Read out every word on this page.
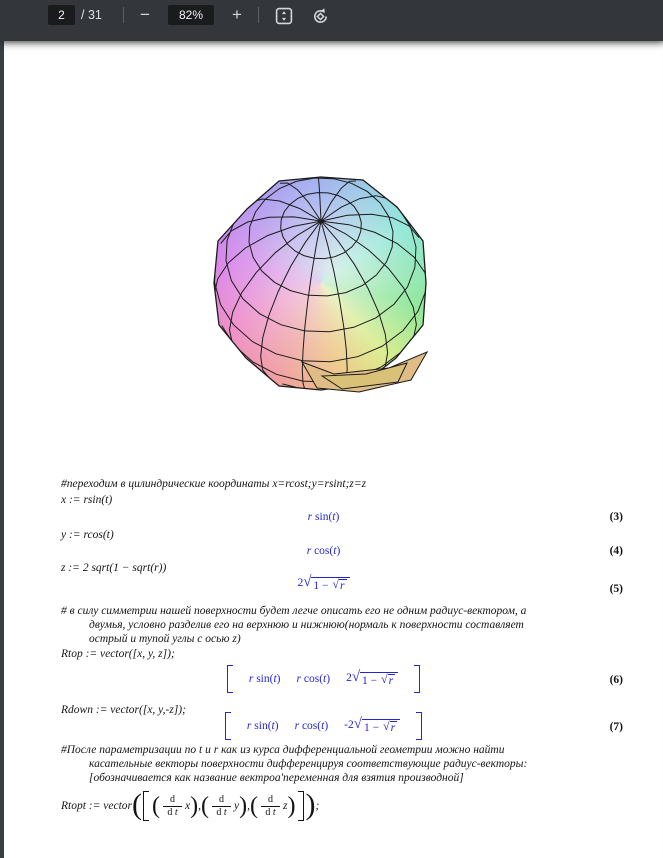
2	/ 31	−	82%	+
#переходим в цилиндрические координаты x=rcost;y=rsint;z=z
x := rsin(t)
r sin(t)	(3)
y := rcos(t)
r cos(t)	(4)
z := 2 sqrt(1 − sqrt(r))
2 √ 1 − √ r	(5)
# в силу симметрии нашей поверхности будет легче описать его не одним радиус-вектором, а
двумья, условно разделив его на верхнюю и нижнюю(нормаль к поверхности составляет
острый и тупой углы с осью z)
Rtop := vector([x, y, z]);
r sin(t) r cos(t) 2 √ 1 − √ r	(6)
Rdown := vector([x, y,-z]);
r sin(t) r cos(t) -2 √ 1 − √ r	(7)
#После параметризации по t и r как из курса дифференциальной геометрии можно найти
касательные векторы поверхности дифференцируя соответствующие радиус-векторы:
[обозначивается как название вектроа'переменная для взятия производной]
Rtopt := vector ( ( $\frac{d}{\text{d t}}$ x ) , ( $\frac{d}{\text{d t}}$ y ) , ( $\frac{d}{\text{d t}}$ z ) ) ;
